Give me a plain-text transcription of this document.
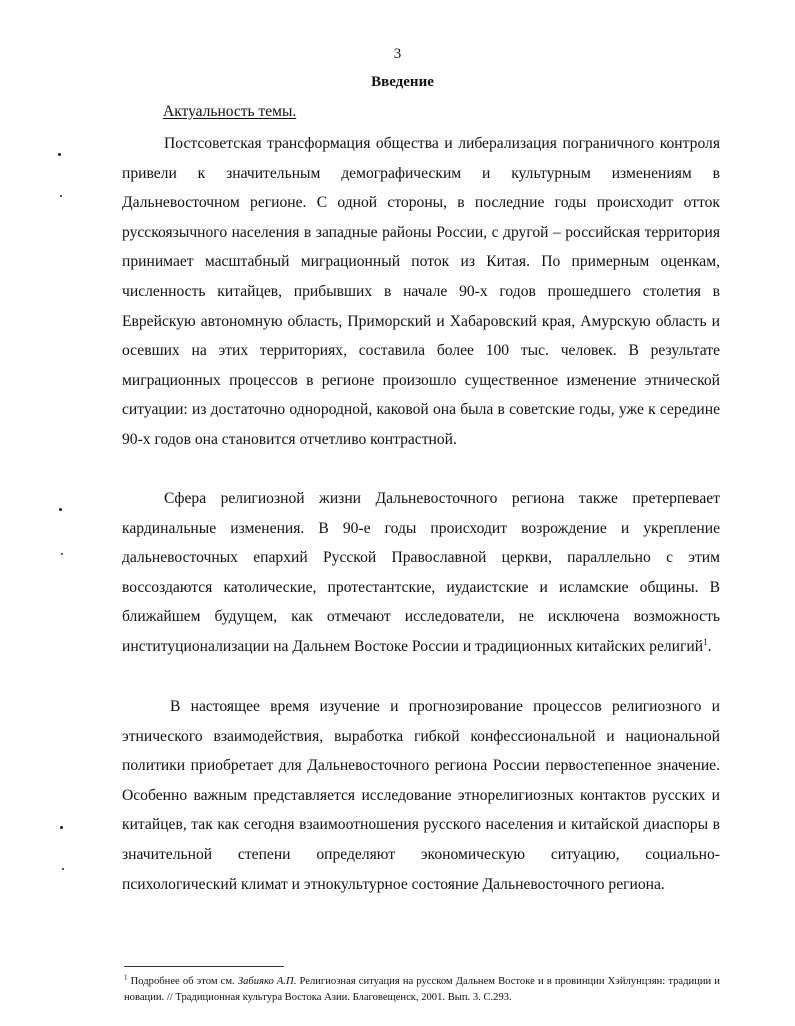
3
Введение
Актуальность темы.

Постсоветская трансформация общества и либерализация пограничного контроля привели к значительным демографическим и культурным изменениям в Дальневосточном регионе. С одной стороны, в последние годы происходит отток русскоязычного населения в западные районы России, с другой – российская территория принимает масштабный миграционный поток из Китая. По примерным оценкам, численность китайцев, прибывших в начале 90-х годов прошедшего столетия в Еврейскую автономную область, Приморский и Хабаровский края, Амурскую область и осевших на этих территориях, составила более 100 тыс. человек. В результате миграционных процессов в регионе произошло существенное изменение этнической ситуации: из достаточно однородной, каковой она была в советские годы, уже к середине 90-х годов она становится отчетливо контрастной.

Сфера религиозной жизни Дальневосточного региона также претерпевает кардинальные изменения. В 90-е годы происходит возрождение и укрепление дальневосточных епархий Русской Православной церкви, параллельно с этим воссоздаются католические, протестантские, иудаистские и исламские общины. В ближайшем будущем, как отмечают исследователи, не исключена возможность институционализации на Дальнем Востоке России и традиционных китайских религий$^1$.

В настоящее время изучение и прогнозирование процессов религиозного и этнического взаимодействия, выработка гибкой конфессиональной и национальной политики приобретает для Дальневосточного региона России первостепенное значение. Особенно важным представляется исследование этнорелигиозных контактов русских и китайцев, так как сегодня взаимоотношения русского населения и китайской диаспоры в значительной степени определяют экономическую ситуацию, социально-психологический климат и этнокультурное состояние Дальневосточного региона.

$^1$ Подробнее об этом см. Забияко А.П. Религиозная ситуация на русском Дальнем Востоке и в провинции Хэйлунцзян: традиции и новации. // Традиционная культура Востока Азии. Благовещенск, 2001. Вып. 3. С.293.
